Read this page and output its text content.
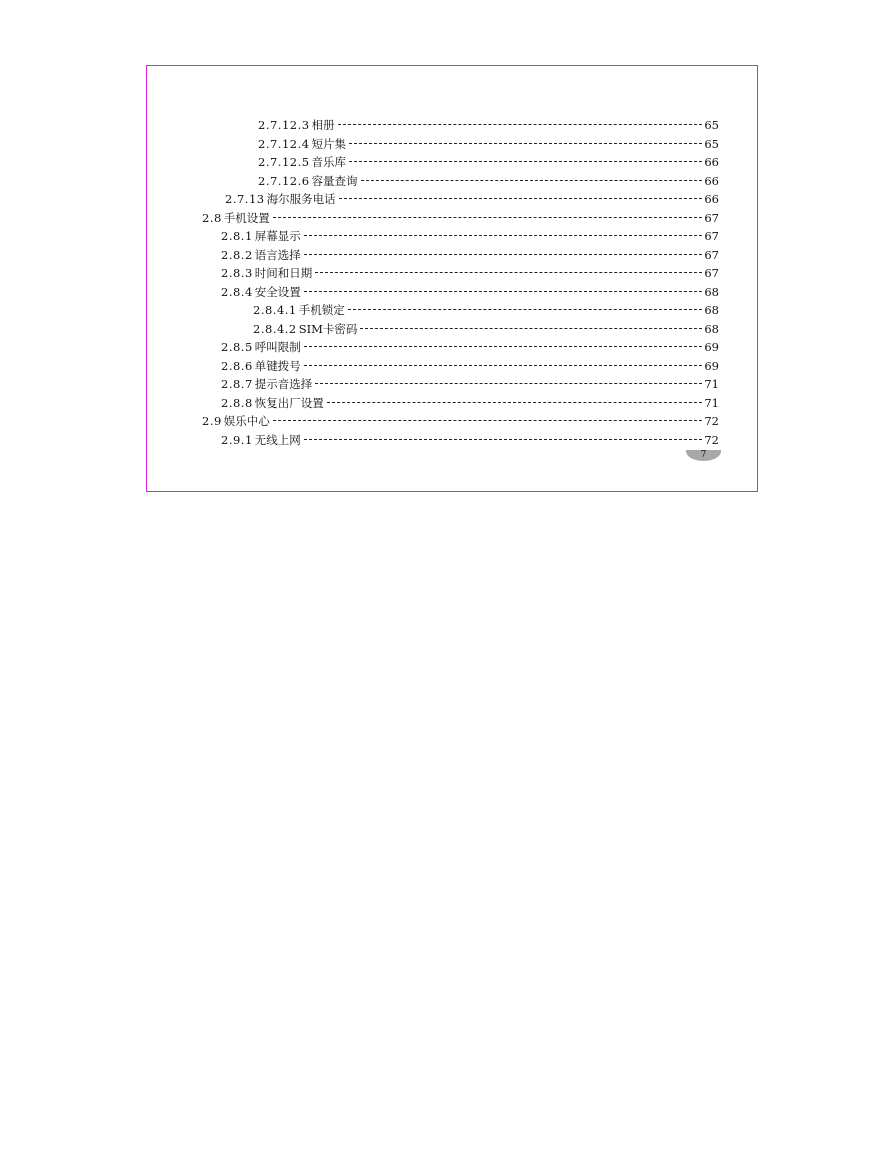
2.7.12.3 相册	65
2.7.12.4 短片集	65
2.7.12.5 音乐库	66
2.7.12.6 容量查询	66
2.7.13 海尔服务电话	66
2.8 手机设置	67
2.8.1 屏幕显示	67
2.8.2 语言选择	67
2.8.3 时间和日期	67
2.8.4 安全设置	68
2.8.4.1 手机锁定	68
2.8.4.2 SIM卡密码	68
2.8.5 呼叫限制	69
2.8.6 单键拨号	69
2.8.7 提示音选择	71
2.8.8 恢复出厂设置	71
2.9 娱乐中心	72
2.9.1 无线上网	72
7
